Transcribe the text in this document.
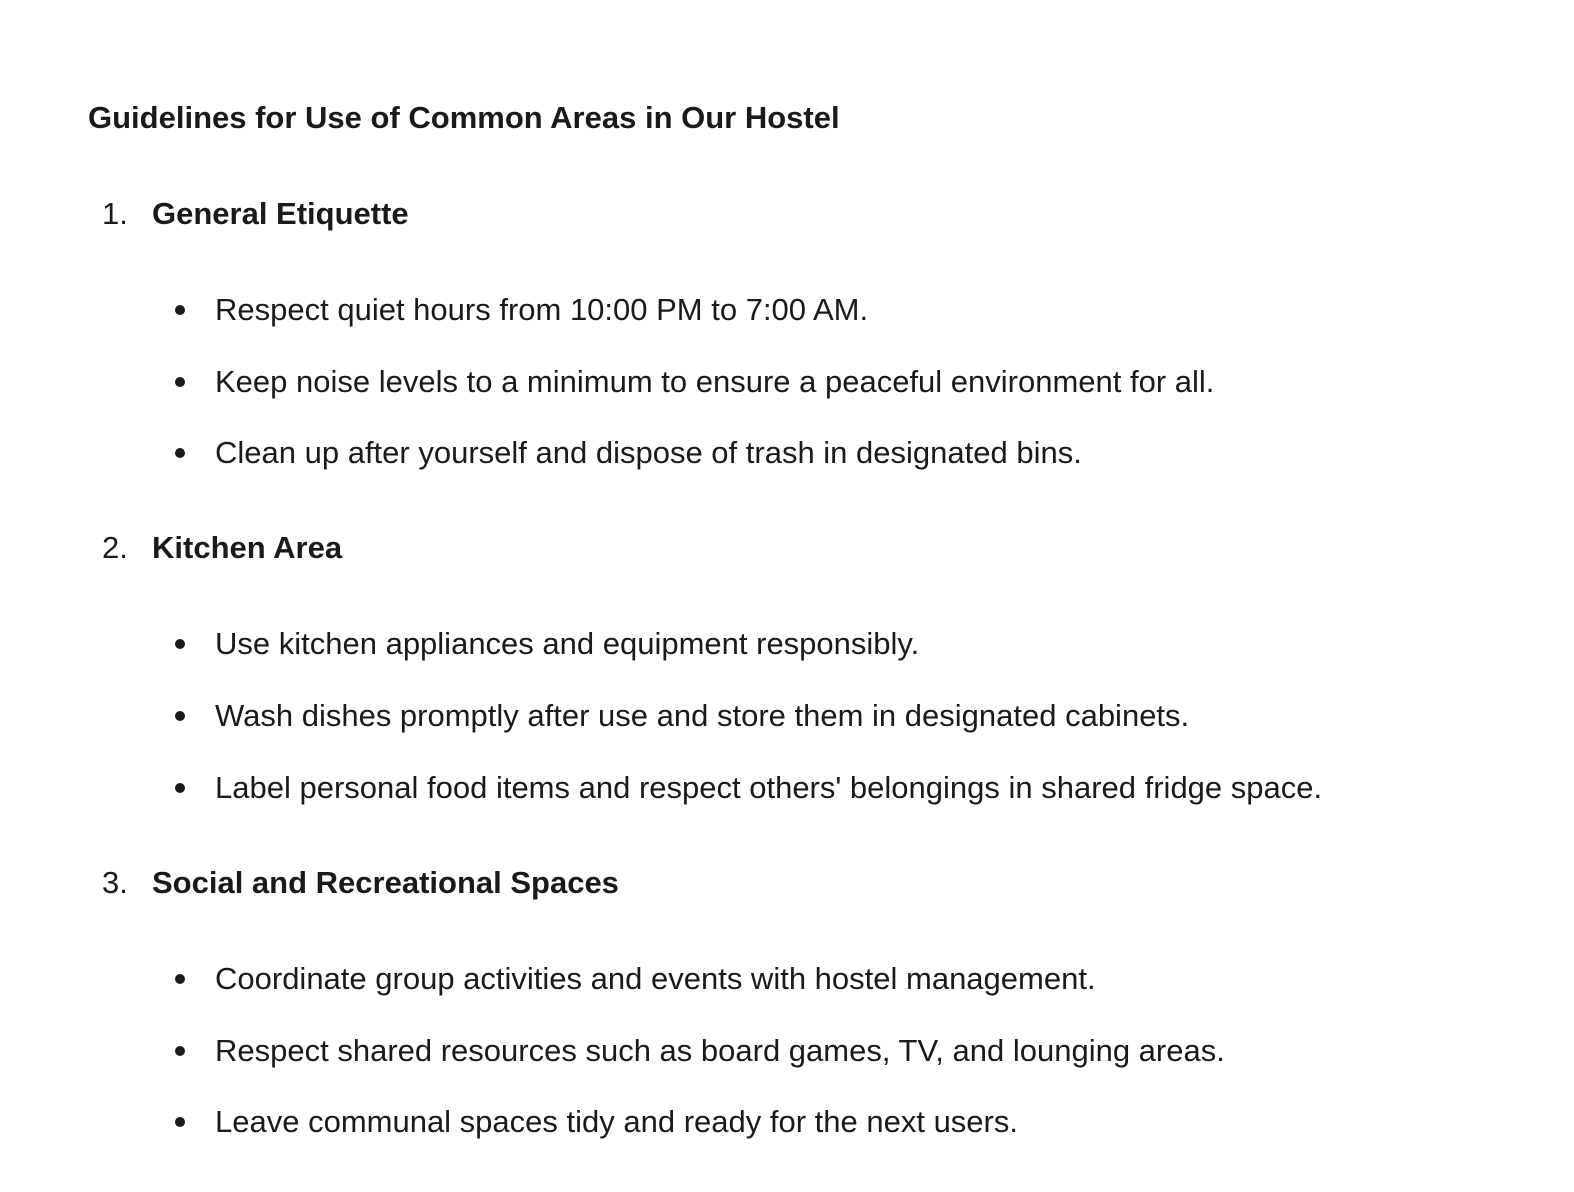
Guidelines for Use of Common Areas in Our Hostel
1. General Etiquette
Respect quiet hours from 10:00 PM to 7:00 AM.
Keep noise levels to a minimum to ensure a peaceful environment for all.
Clean up after yourself and dispose of trash in designated bins.
2. Kitchen Area
Use kitchen appliances and equipment responsibly.
Wash dishes promptly after use and store them in designated cabinets.
Label personal food items and respect others' belongings in shared fridge space.
3. Social and Recreational Spaces
Coordinate group activities and events with hostel management.
Respect shared resources such as board games, TV, and lounging areas.
Leave communal spaces tidy and ready for the next users.
